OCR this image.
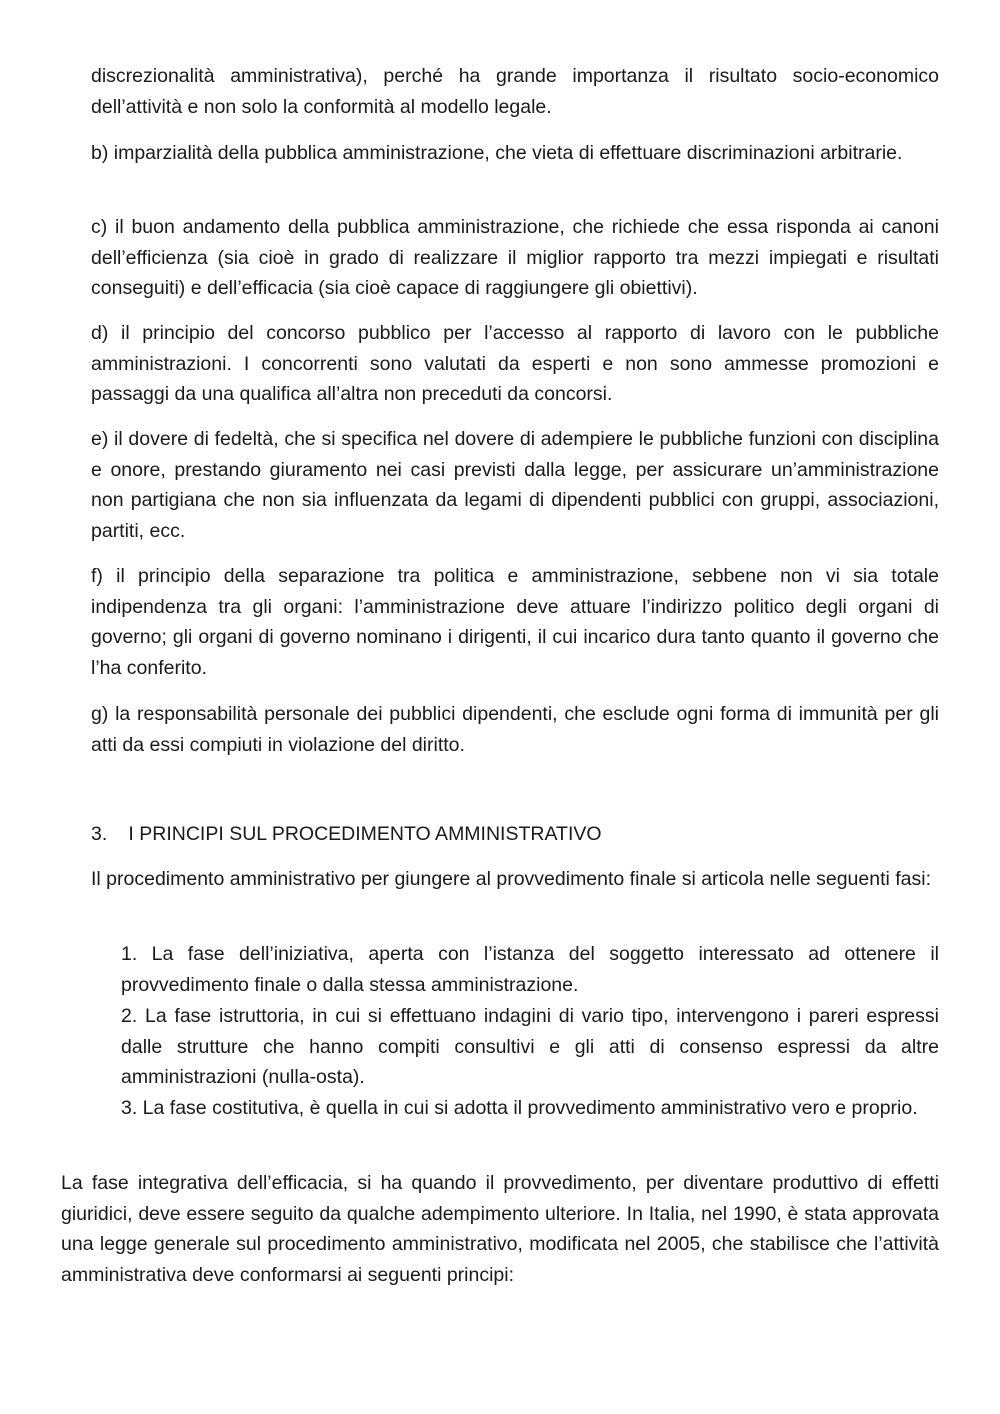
discrezionalità amministrativa), perché ha grande importanza il risultato socio-economico dell’attività e non solo la conformità al modello legale.

b) imparzialità della pubblica amministrazione, che vieta di effettuare discriminazioni arbitrarie.

c) il buon andamento della pubblica amministrazione, che richiede che essa risponda ai canoni dell’efficienza (sia cioè in grado di realizzare il miglior rapporto tra mezzi impiegati e risultati conseguiti) e dell’efficacia (sia cioè capace di raggiungere gli obiettivi).

d) il principio del concorso pubblico per l’accesso al rapporto di lavoro con le pubbliche amministrazioni. I concorrenti sono valutati da esperti e non sono ammesse promozioni e passaggi da una qualifica all’altra non preceduti da concorsi.

e) il dovere di fedeltà, che si specifica nel dovere di adempiere le pubbliche funzioni con disciplina e onore, prestando giuramento nei casi previsti dalla legge, per assicurare un’amministrazione non partigiana che non sia influenzata da legami di dipendenti pubblici con gruppi, associazioni, partiti, ecc.

f) il principio della separazione tra politica e amministrazione, sebbene non vi sia totale indipendenza tra gli organi: l’amministrazione deve attuare l’indirizzo politico degli organi di governo; gli organi di governo nominano i dirigenti, il cui incarico dura tanto quanto il governo che l’ha conferito.

g) la responsabilità personale dei pubblici dipendenti, che esclude ogni forma di immunità per gli atti da essi compiuti in violazione del diritto.

3. I PRINCIPI SUL PROCEDIMENTO AMMINISTRATIVO

Il procedimento amministrativo per giungere al provvedimento finale si articola nelle seguenti fasi:

1. La fase dell’iniziativa, aperta con l’istanza del soggetto interessato ad ottenere il provvedimento finale o dalla stessa amministrazione.

2. La fase istruttoria, in cui si effettuano indagini di vario tipo, intervengono i pareri espressi dalle strutture che hanno compiti consultivi e gli atti di consenso espressi da altre amministrazioni (nulla-osta).

3. La fase costitutiva, è quella in cui si adotta il provvedimento amministrativo vero e proprio.

La fase integrativa dell’efficacia, si ha quando il provvedimento, per diventare produttivo di effetti giuridici, deve essere seguito da qualche adempimento ulteriore. In Italia, nel 1990, è stata approvata una legge generale sul procedimento amministrativo, modificata nel 2005, che stabilisce che l’attività amministrativa deve conformarsi ai seguenti principi:
